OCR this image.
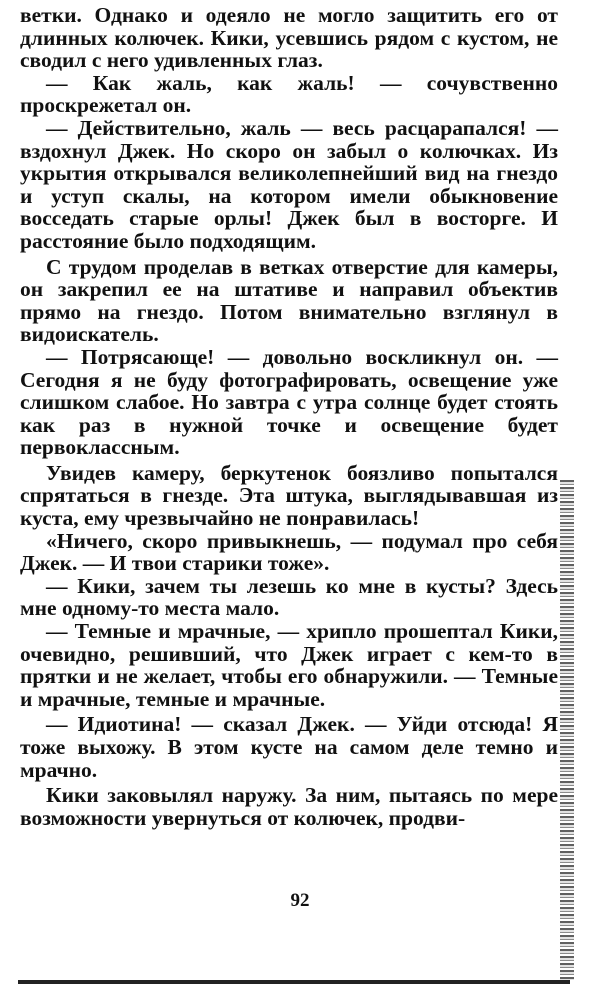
ветки. Однако и одеяло не могло защитить его от длинных колючек. Кики, усевшись рядом с кустом, не сводил с него удивленных глаз.

— Как жаль, как жаль! — сочувственно проскрежетал он.

— Действительно, жаль — весь расцарапался! — вздохнул Джек. Но скоро он забыл о колючках. Из укрытия открывался великолепнейший вид на гнездо и уступ скалы, на котором имели обыкновение восседать старые орлы! Джек был в восторге. И расстояние было подходящим.

С трудом проделав в ветках отверстие для камеры, он закрепил ее на штативе и направил объектив прямо на гнездо. Потом внимательно взглянул в видоискатель.

— Потрясающе! — довольно воскликнул он. — Сегодня я не буду фотографировать, освещение уже слишком слабое. Но завтра с утра солнце будет стоять как раз в нужной точке и освещение будет первоклассным.

Увидев камеру, беркутенок боязливо попытался спрятаться в гнезде. Эта штука, выглядывавшая из куста, ему чрезвычайно не понравилась!

«Ничего, скоро привыкнешь, — подумал про себя Джек. — И твои старики тоже».

— Кики, зачем ты лезешь ко мне в кусты? Здесь мне одному-то места мало.

— Темные и мрачные, — хрипло прошептал Кики, очевидно, решивший, что Джек играет с кем-то в прятки и не желает, чтобы его обнаружили. — Темные и мрачные, темные и мрачные.

— Идиотина! — сказал Джек. — Уйди отсюда! Я тоже выхожу. В этом кусте на самом деле темно и мрачно.

Кики заковылял наружу. За ним, пытаясь по мере возможности увернуться от колючек, продви-

92
